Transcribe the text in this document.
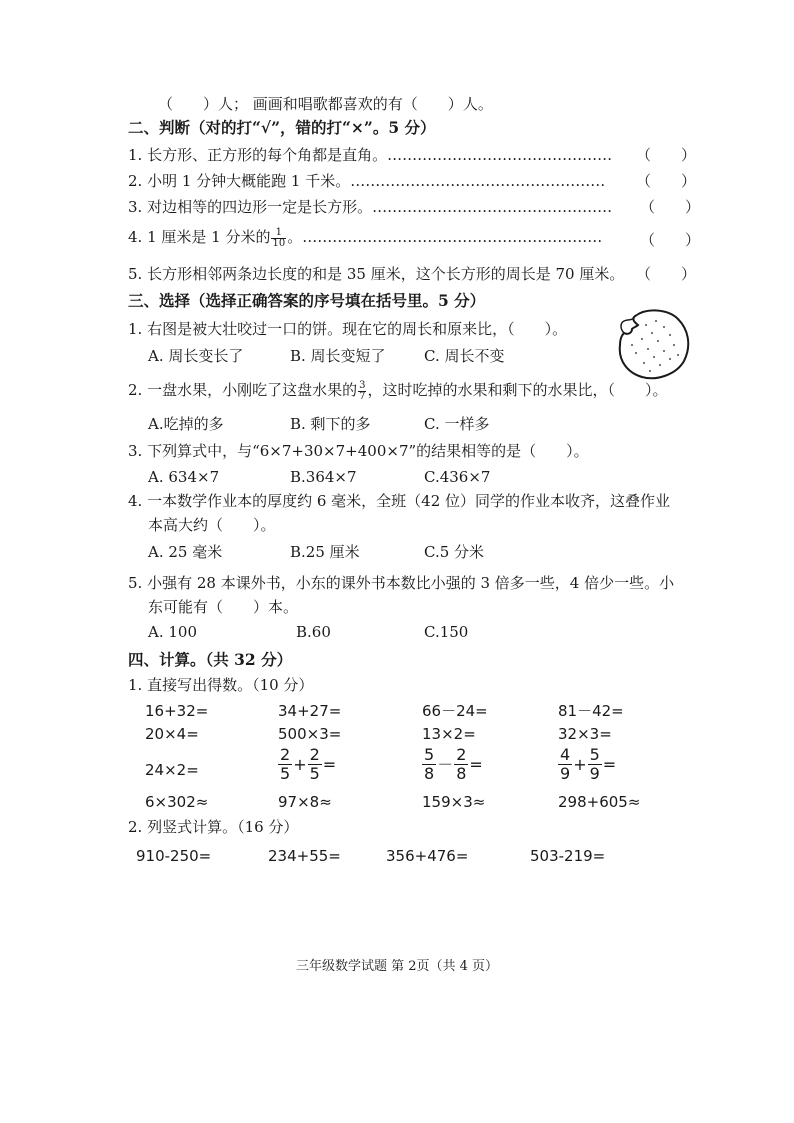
（　　）人； 画画和唱歌都喜欢的有（　　）人。
二、判断（对的打“√”，错的打“×”。5 分）
1. 长方形、正方形的每个角都是直角。……………………………………… （　　）
2. 小明 1 分钟大概能跑 1 千米。…………………………………………… （　　）
3. 对边相等的四边形一定是长方形。………………………………………… （　　）
4. 1 厘米是 1 分米的 $\frac{1}{10}$ 。……………………………………………………	（　　）
5. 长方形相邻两条边长度的和是 35 厘米，这个长方形的周长是 70 厘米。 （　　）
三、选择（选择正确答案的序号填在括号里。5 分）
1. 右图是被大壮咬过一口的饼。现在它的周长和原来比，（　　）。
A. 周长变长了	B. 周长变短了	C. 周长不变
2. 一盘水果，小刚吃了这盘水果的 $\frac{3}{7}$ ，这时吃掉的水果和剩下的水果比，（　　）。
A.吃掉的多	B. 剩下的多	C. 一样多
3. 下列算式中，与“6×7+30×7+400×7”的结果相等的是（　　）。
A. 634×7	B.364×7	C.436×7
4. 一本数学作业本的厚度约 6 毫米，全班（42 位）同学的作业本收齐，这叠作业
本高大约（　　）。
A. 25 毫米	B.25 厘米	C.5 分米
5. 小强有 28 本课外书，小东的课外书本数比小强的 3 倍多一些，4 倍少一些。小
东可能有（　　）本。
A. 100	B.60	C.150
四、计算。（共 32 分）
1. 直接写出得数。（10 分）
16+32=	34+27=	66－24=	81－42=
20×4=	500×3=	13×2=	32×3=
24×2=	$\frac{2}{5} + \frac{2}{5}$ =	$\frac{5}{8} - \frac{2}{8}$ =	$\frac{4}{9} + \frac{5}{9}$ =
6×302≈	97×8≈	159×3≈	298+605≈
2. 列竖式计算。（16 分）
910-250=	234+55=	356+476=	503-219=
三年级数学试题 第 2页（共 4 页）
